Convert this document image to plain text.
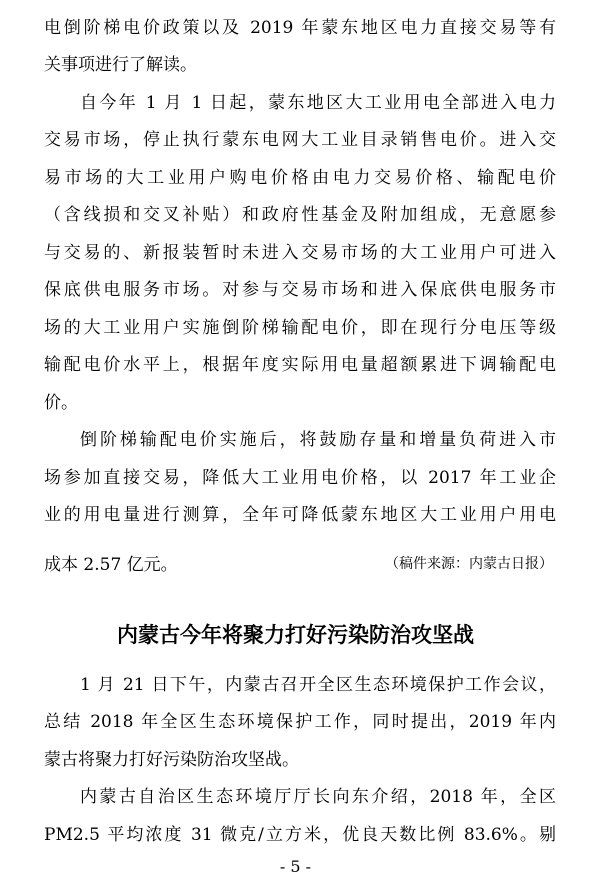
电倒阶梯电价政策以及 2019 年蒙东地区电力直接交易等有
关事项进行了解读。
自今年 1 月 1 日起，蒙东地区大工业用电全部进入电力
交易市场，停止执行蒙东电网大工业目录销售电价。进入交
易市场的大工业用户购电价格由电力交易价格、输配电价
（含线损和交叉补贴）和政府性基金及附加组成，无意愿参
与交易的、新报装暂时未进入交易市场的大工业用户可进入
保底供电服务市场。对参与交易市场和进入保底供电服务市
场的大工业用户实施倒阶梯输配电价，即在现行分电压等级
输配电价水平上，根据年度实际用电量超额累进下调输配电
价。
倒阶梯输配电价实施后，将鼓励存量和增量负荷进入市
场参加直接交易，降低大工业用电价格，以 2017 年工业企
业的用电量进行测算，全年可降低蒙东地区大工业用户用电
成本 2.57 亿元。	（稿件来源：内蒙古日报）
内蒙古今年将聚力打好污染防治攻坚战
1 月 21 日下午，内蒙古召开全区生态环境保护工作会议，
总结 2018 年全区生态环境保护工作，同时提出，2019 年内
蒙古将聚力打好污染防治攻坚战。
内蒙古自治区生态环境厅厅长向东介绍，2018 年，全区
PM2.5 平均浓度 31 微克/立方米，优良天数比例 83.6%。剔
- 5 -
